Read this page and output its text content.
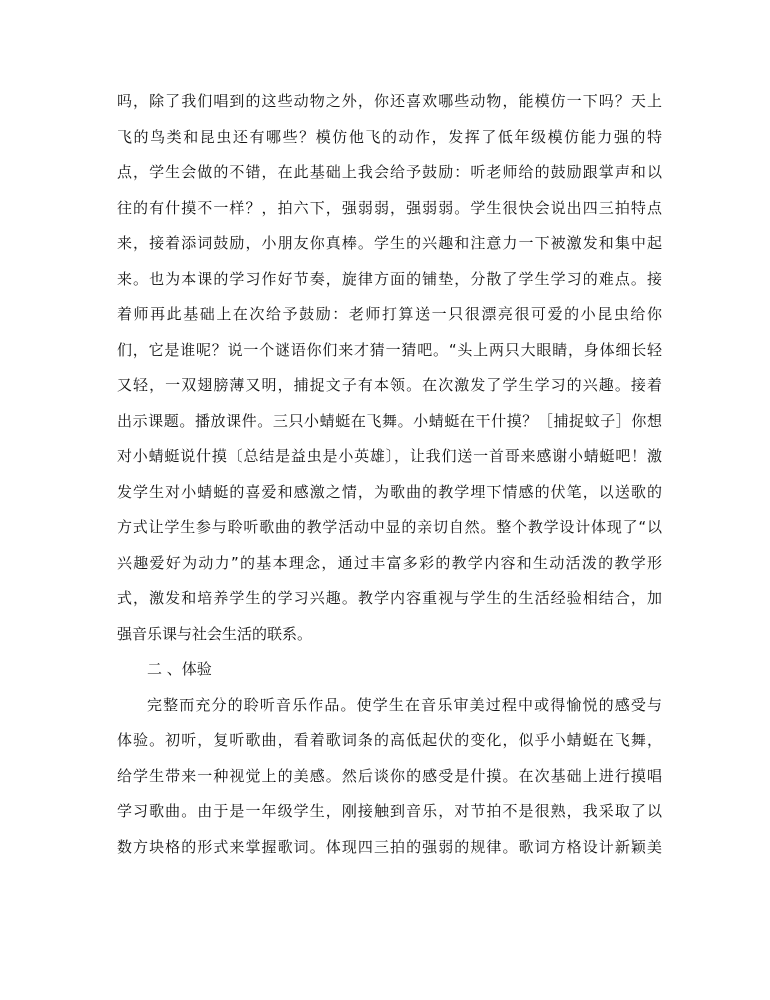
吗，除了我们唱到的这些动物之外，你还喜欢哪些动物，能模仿一下吗？天上
飞的鸟类和昆虫还有哪些？模仿他飞的动作，发挥了低年级模仿能力强的特
点，学生会做的不错，在此基础上我会给予鼓励：听老师给的鼓励跟掌声和以
往的有什摸不一样？，拍六下，强弱弱，强弱弱。学生很快会说出四三拍特点
来，接着添词鼓励，小朋友你真棒。学生的兴趣和注意力一下被激发和集中起
来。也为本课的学习作好节奏，旋律方面的铺垫，分散了学生学习的难点。接
着师再此基础上在次给予鼓励：老师打算送一只很漂亮很可爱的小昆虫给你
们，它是谁呢？说一个谜语你们来才猜一猜吧。“头上两只大眼睛，身体细长轻
又轻，一双翅膀薄又明，捕捉文子有本领。在次激发了学生学习的兴趣。接着
出示课题。播放课件。三只小蜻蜓在飞舞。小蜻蜓在干什摸？［捕捉蚊子］你想
对小蜻蜓说什摸〔总结是益虫是小英雄〕，让我们送一首哥来感谢小蜻蜓吧！激
发学生对小蜻蜓的喜爱和感激之情，为歌曲的教学埋下情感的伏笔，以送歌的
方式让学生参与聆听歌曲的教学活动中显的亲切自然。整个教学设计体现了“以
兴趣爱好为动力”的基本理念，通过丰富多彩的教学内容和生动活泼的教学形
式，激发和培养学生的学习兴趣。教学内容重视与学生的生活经验相结合，加
强音乐课与社会生活的联系。
二 、体验
完整而充分的聆听音乐作品。使学生在音乐审美过程中或得愉悦的感受与
体验。初听，复听歌曲，看着歌词条的高低起伏的变化，似乎小蜻蜓在飞舞，
给学生带来一种视觉上的美感。然后谈你的感受是什摸。在次基础上进行摸唱
学习歌曲。由于是一年级学生，刚接触到音乐，对节拍不是很熟，我采取了以
数方块格的形式来掌握歌词。体现四三拍的强弱的规律。歌词方格设计新颖美
